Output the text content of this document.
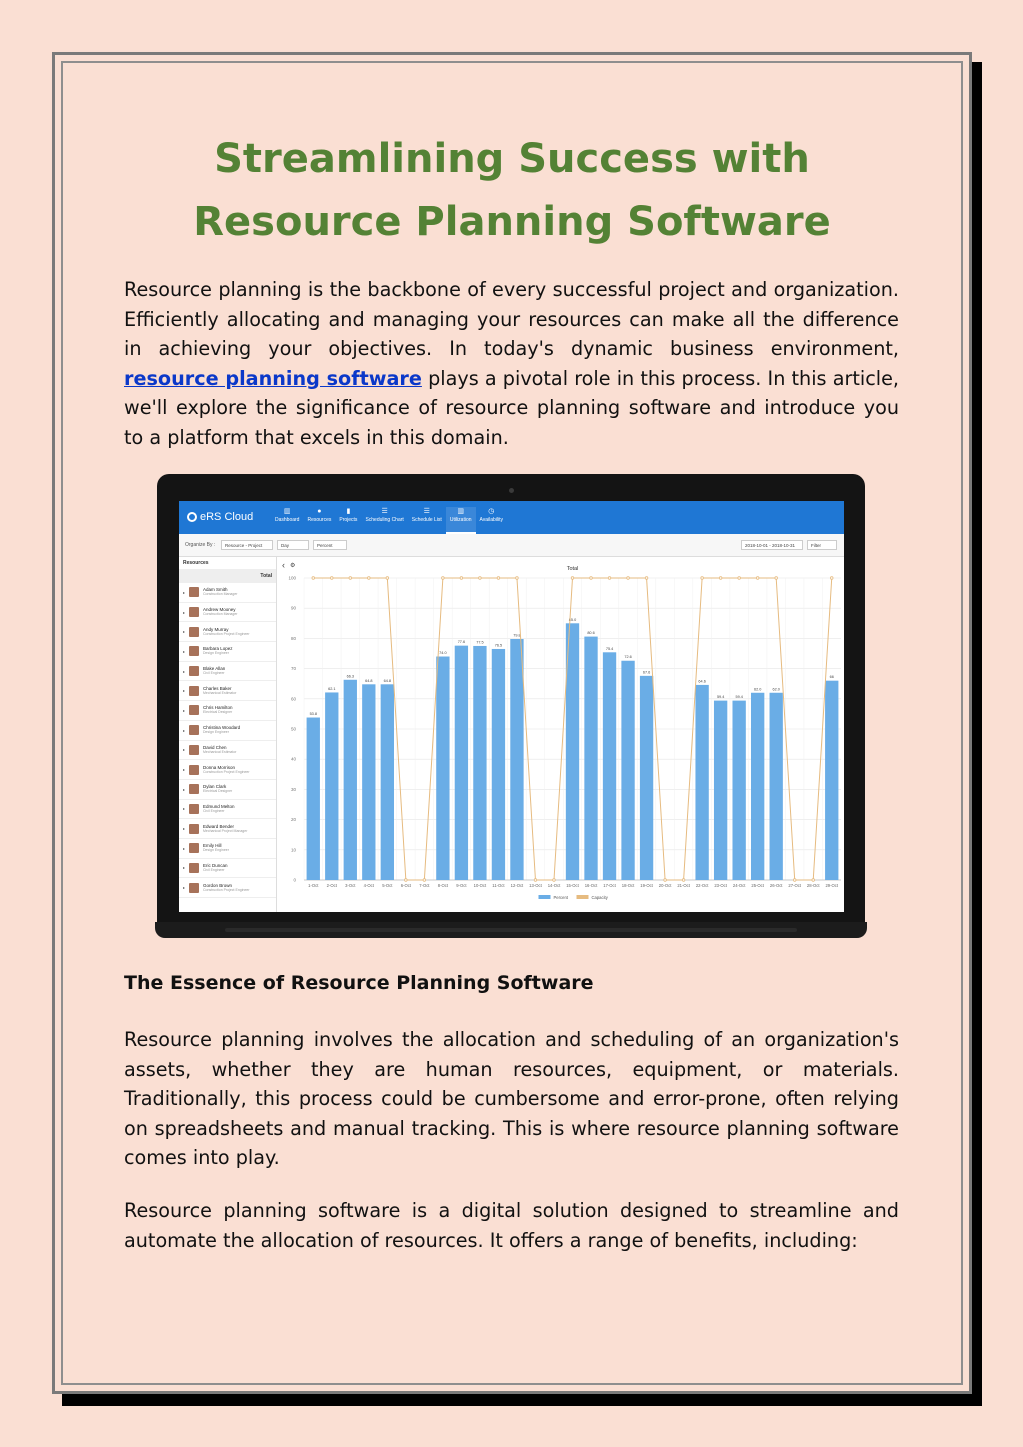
Streamlining Success with Resource Planning Software

Resource planning is the backbone of every successful project and organization. Efficiently allocating and managing your resources can make all the difference in achieving your objectives. In today's dynamic business environment, resource planning software plays a pivotal role in this process. In this article, we'll explore the significance of resource planning software and introduce you to a platform that excels in this domain.

eRS Cloud	▥
Dashboard
●
Resources
▮
Projects
☰
Scheduling Chart
☰
Schedule List
▥
Utilization
◷
Availability
Organize By :	Resource - Project	Day	Percent	2018-10-01 - 2018-10-31	Filter
Resources
Total
▸	Adam Smith
Construction Manager
▸	Andrew Mooney
Construction Manager
▸	Andy Murray
Construction Project Engineer
▸	Barbara Lopez
Design Engineer
▸	Blake Allan
Civil Engineer
▸	Charles Baker
Mechanical Estimator
▸	Chris Hamilton
Electrical Designer
▸	Christina Woodard
Design Engineer
▸	David Chen
Mechanical Estimator
▸	Donna Morrison
Construction Project Engineer
▸	Dylan Clark
Electrical Designer
▸	Edmund Melton
Civil Engineer
▸	Edward Bender
Mechanical Project Manager
▸	Emily Hill
Design Engineer
▸	Eric Duncan
Civil Engineer
▸	Gordon Brown
Construction Project Engineer
‹ ⚙	Total
0
10
20
30
40
50
60
70
80
90
100
53.8
62.1
66.3
64.8	64.8
74.0
77.6	77.5
76.5
79.8
85.0
80.6
75.4
72.6
67.6
64.6
59.4	59.4
62.0	62.0
66
1-Oct 2-Oct 3-Oct 4-Oct 5-Oct 6-Oct 7-Oct 8-Oct 9-Oct 10-Oct 11-Oct 12-Oct 13-Oct 14-Oct 15-Oct 16-Oct 17-Oct 18-Oct 19-Oct 20-Oct 21-Oct 22-Oct 23-Oct 24-Oct 25-Oct 26-Oct 27-Oct 28-Oct 29-Oct
Percent	Capacity
The Essence of Resource Planning Software

Resource planning involves the allocation and scheduling of an organization's assets, whether they are human resources, equipment, or materials. Traditionally, this process could be cumbersome and error-prone, often relying on spreadsheets and manual tracking. This is where resource planning software comes into play.

Resource planning software is a digital solution designed to streamline and automate the allocation of resources. It offers a range of benefits, including:
